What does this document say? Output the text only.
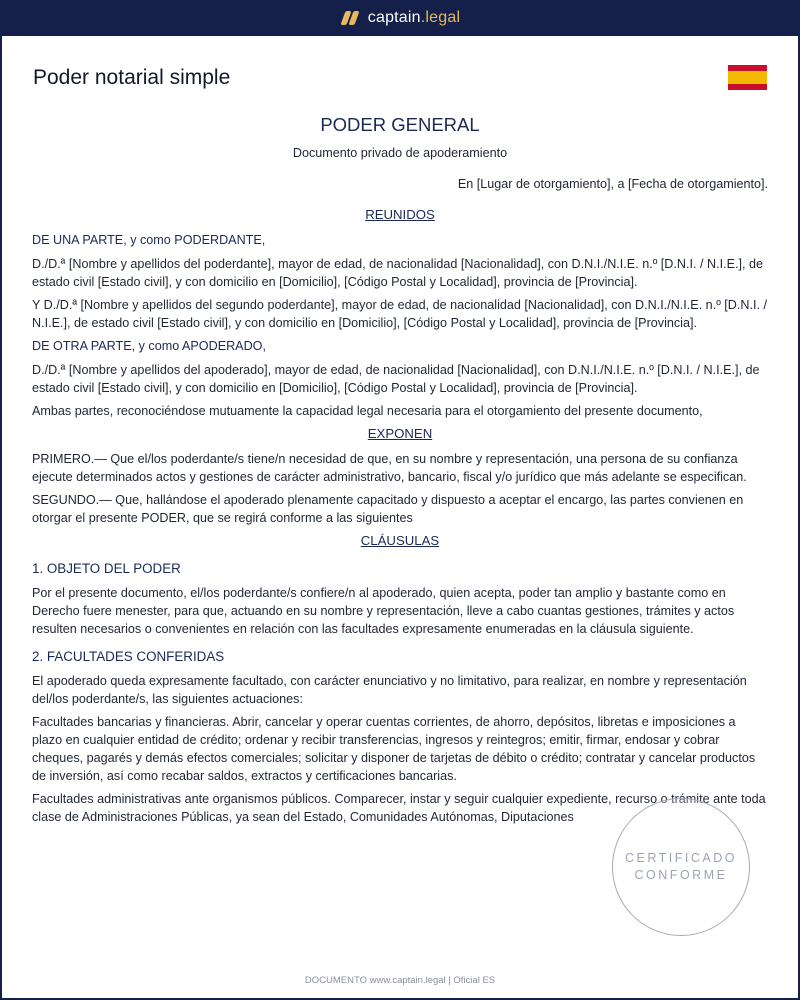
captain.legal
Poder notarial simple
PODER GENERAL
Documento privado de apoderamiento
En [Lugar de otorgamiento], a [Fecha de otorgamiento].
REUNIDOS

DE UNA PARTE, y como PODERDANTE,

D./D.ª [Nombre y apellidos del poderdante], mayor de edad, de nacionalidad [Nacionalidad], con D.N.I./N.I.E. n.º [D.N.I. / N.I.E.], de estado civil [Estado civil], y con domicilio en [Domicilio], [Código Postal y Localidad], provincia de [Provincia].

Y D./D.ª [Nombre y apellidos del segundo poderdante], mayor de edad, de nacionalidad [Nacionalidad], con D.N.I./N.I.E. n.º [D.N.I. / N.I.E.], de estado civil [Estado civil], y con domicilio en [Domicilio], [Código Postal y Localidad], provincia de [Provincia].

DE OTRA PARTE, y como APODERADO,

D./D.ª [Nombre y apellidos del apoderado], mayor de edad, de nacionalidad [Nacionalidad], con D.N.I./N.I.E. n.º [D.N.I. / N.I.E.], de estado civil [Estado civil], y con domicilio en [Domicilio], [Código Postal y Localidad], provincia de [Provincia].

Ambas partes, reconociéndose mutuamente la capacidad legal necesaria para el otorgamiento del presente documento,

EXPONEN

PRIMERO.— Que el/los poderdante/s tiene/n necesidad de que, en su nombre y representación, una persona de su confianza ejecute determinados actos y gestiones de carácter administrativo, bancario, fiscal y/o jurídico que más adelante se especifican.

SEGUNDO.— Que, hallándose el apoderado plenamente capacitado y dispuesto a aceptar el encargo, las partes convienen en otorgar el presente PODER, que se regirá conforme a las siguientes

CLÁUSULAS

1. OBJETO DEL PODER

Por el presente documento, el/los poderdante/s confiere/n al apoderado, quien acepta, poder tan amplio y bastante como en Derecho fuere menester, para que, actuando en su nombre y representación, lleve a cabo cuantas gestiones, trámites y actos resulten necesarios o convenientes en relación con las facultades expresamente enumeradas en la cláusula siguiente.

2. FACULTADES CONFERIDAS

El apoderado queda expresamente facultado, con carácter enunciativo y no limitativo, para realizar, en nombre y representación del/los poderdante/s, las siguientes actuaciones:

Facultades bancarias y financieras. Abrir, cancelar y operar cuentas corrientes, de ahorro, depósitos, libretas e imposiciones a plazo en cualquier entidad de crédito; ordenar y recibir transferencias, ingresos y reintegros; emitir, firmar, endosar y cobrar cheques, pagarés y demás efectos comerciales; solicitar y disponer de tarjetas de débito o crédito; contratar y cancelar productos de inversión, así como recabar saldos, extractos y certificaciones bancarias.

Facultades administrativas ante organismos públicos. Comparecer, instar y seguir cualquier expediente, recurso o trámite ante toda clase de Administraciones Públicas, ya sean del Estado, Comunidades Autónomas, Diputaciones

CERTIFICADO
CONFORME
DOCUMENTO www.captain.legal | Oficial ES
